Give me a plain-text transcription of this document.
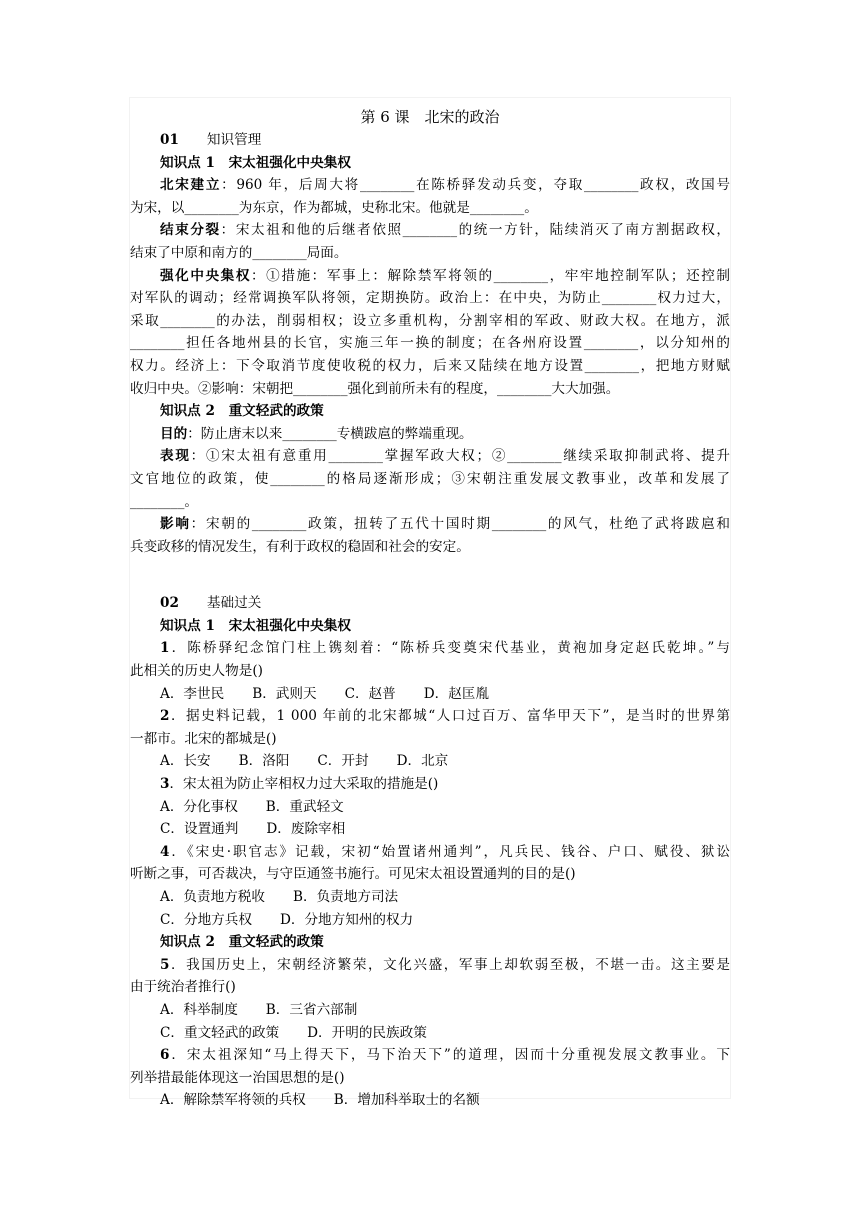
第 6 课　北宋的政治
01 知识管理
知识点 1　宋太祖强化中央集权
北宋建立：960 年，后周大将________在陈桥驿发动兵变，夺取________政权，改国号
为宋，以________为东京，作为都城，史称北宋。他就是________。
结束分裂：宋太祖和他的后继者依照________的统一方针，陆续消灭了南方割据政权，
结束了中原和南方的________局面。
强化中央集权：①措施：军事上：解除禁军将领的________，牢牢地控制军队；还控制
对军队的调动；经常调换军队将领，定期换防。政治上：在中央，为防止________权力过大，
采取________的办法，削弱相权；设立多重机构，分割宰相的军政、财政大权。在地方，派
________担任各地州县的长官，实施三年一换的制度；在各州府设置________，以分知州的
权力。经济上：下令取消节度使收税的权力，后来又陆续在地方设置________，把地方财赋
收归中央。②影响：宋朝把________强化到前所未有的程度，________大大加强。
知识点 2　重文轻武的政策
目的：防止唐末以来________专横跋扈的弊端重现。
表现：①宋太祖有意重用________掌握军政大权；②________继续采取抑制武将、提升
文官地位的政策，使________的格局逐渐形成；③宋朝注重发展文教事业，改革和发展了
________。
影响：宋朝的________政策，扭转了五代十国时期________的风气，杜绝了武将跋扈和
兵变政移的情况发生，有利于政权的稳固和社会的安定。
02 基础过关
知识点 1　宋太祖强化中央集权
1．陈桥驿纪念馆门柱上镌刻着：“陈桥兵变奠宋代基业，黄袍加身定赵氏乾坤。”与
此相关的历史人物是()
A．李世民 B．武则天 C．赵普 D．赵匡胤
2．据史料记载，1 000 年前的北宋都城“人口过百万、富华甲天下”，是当时的世界第
一都市。北宋的都城是()
A．长安 B．洛阳 C．开封 D．北京
3．宋太祖为防止宰相权力过大采取的措施是()
A．分化事权 B．重武轻文
C．设置通判 D．废除宰相
4．《宋史·职官志》记载，宋初“始置诸州通判”，凡兵民、钱谷、户口、赋役、狱讼
听断之事，可否裁决，与守臣通签书施行。可见宋太祖设置通判的目的是()
A．负责地方税收 B．负责地方司法
C．分地方兵权 D．分地方知州的权力
知识点 2　重文轻武的政策
5．我国历史上，宋朝经济繁荣，文化兴盛，军事上却软弱至极，不堪一击。这主要是
由于统治者推行()
A．科举制度 B．三省六部制
C．重文轻武的政策 D．开明的民族政策
6．宋太祖深知“马上得天下，马下治天下”的道理，因而十分重视发展文教事业。下
列举措最能体现这一治国思想的是()
A．解除禁军将领的兵权 B．增加科举取士的名额
